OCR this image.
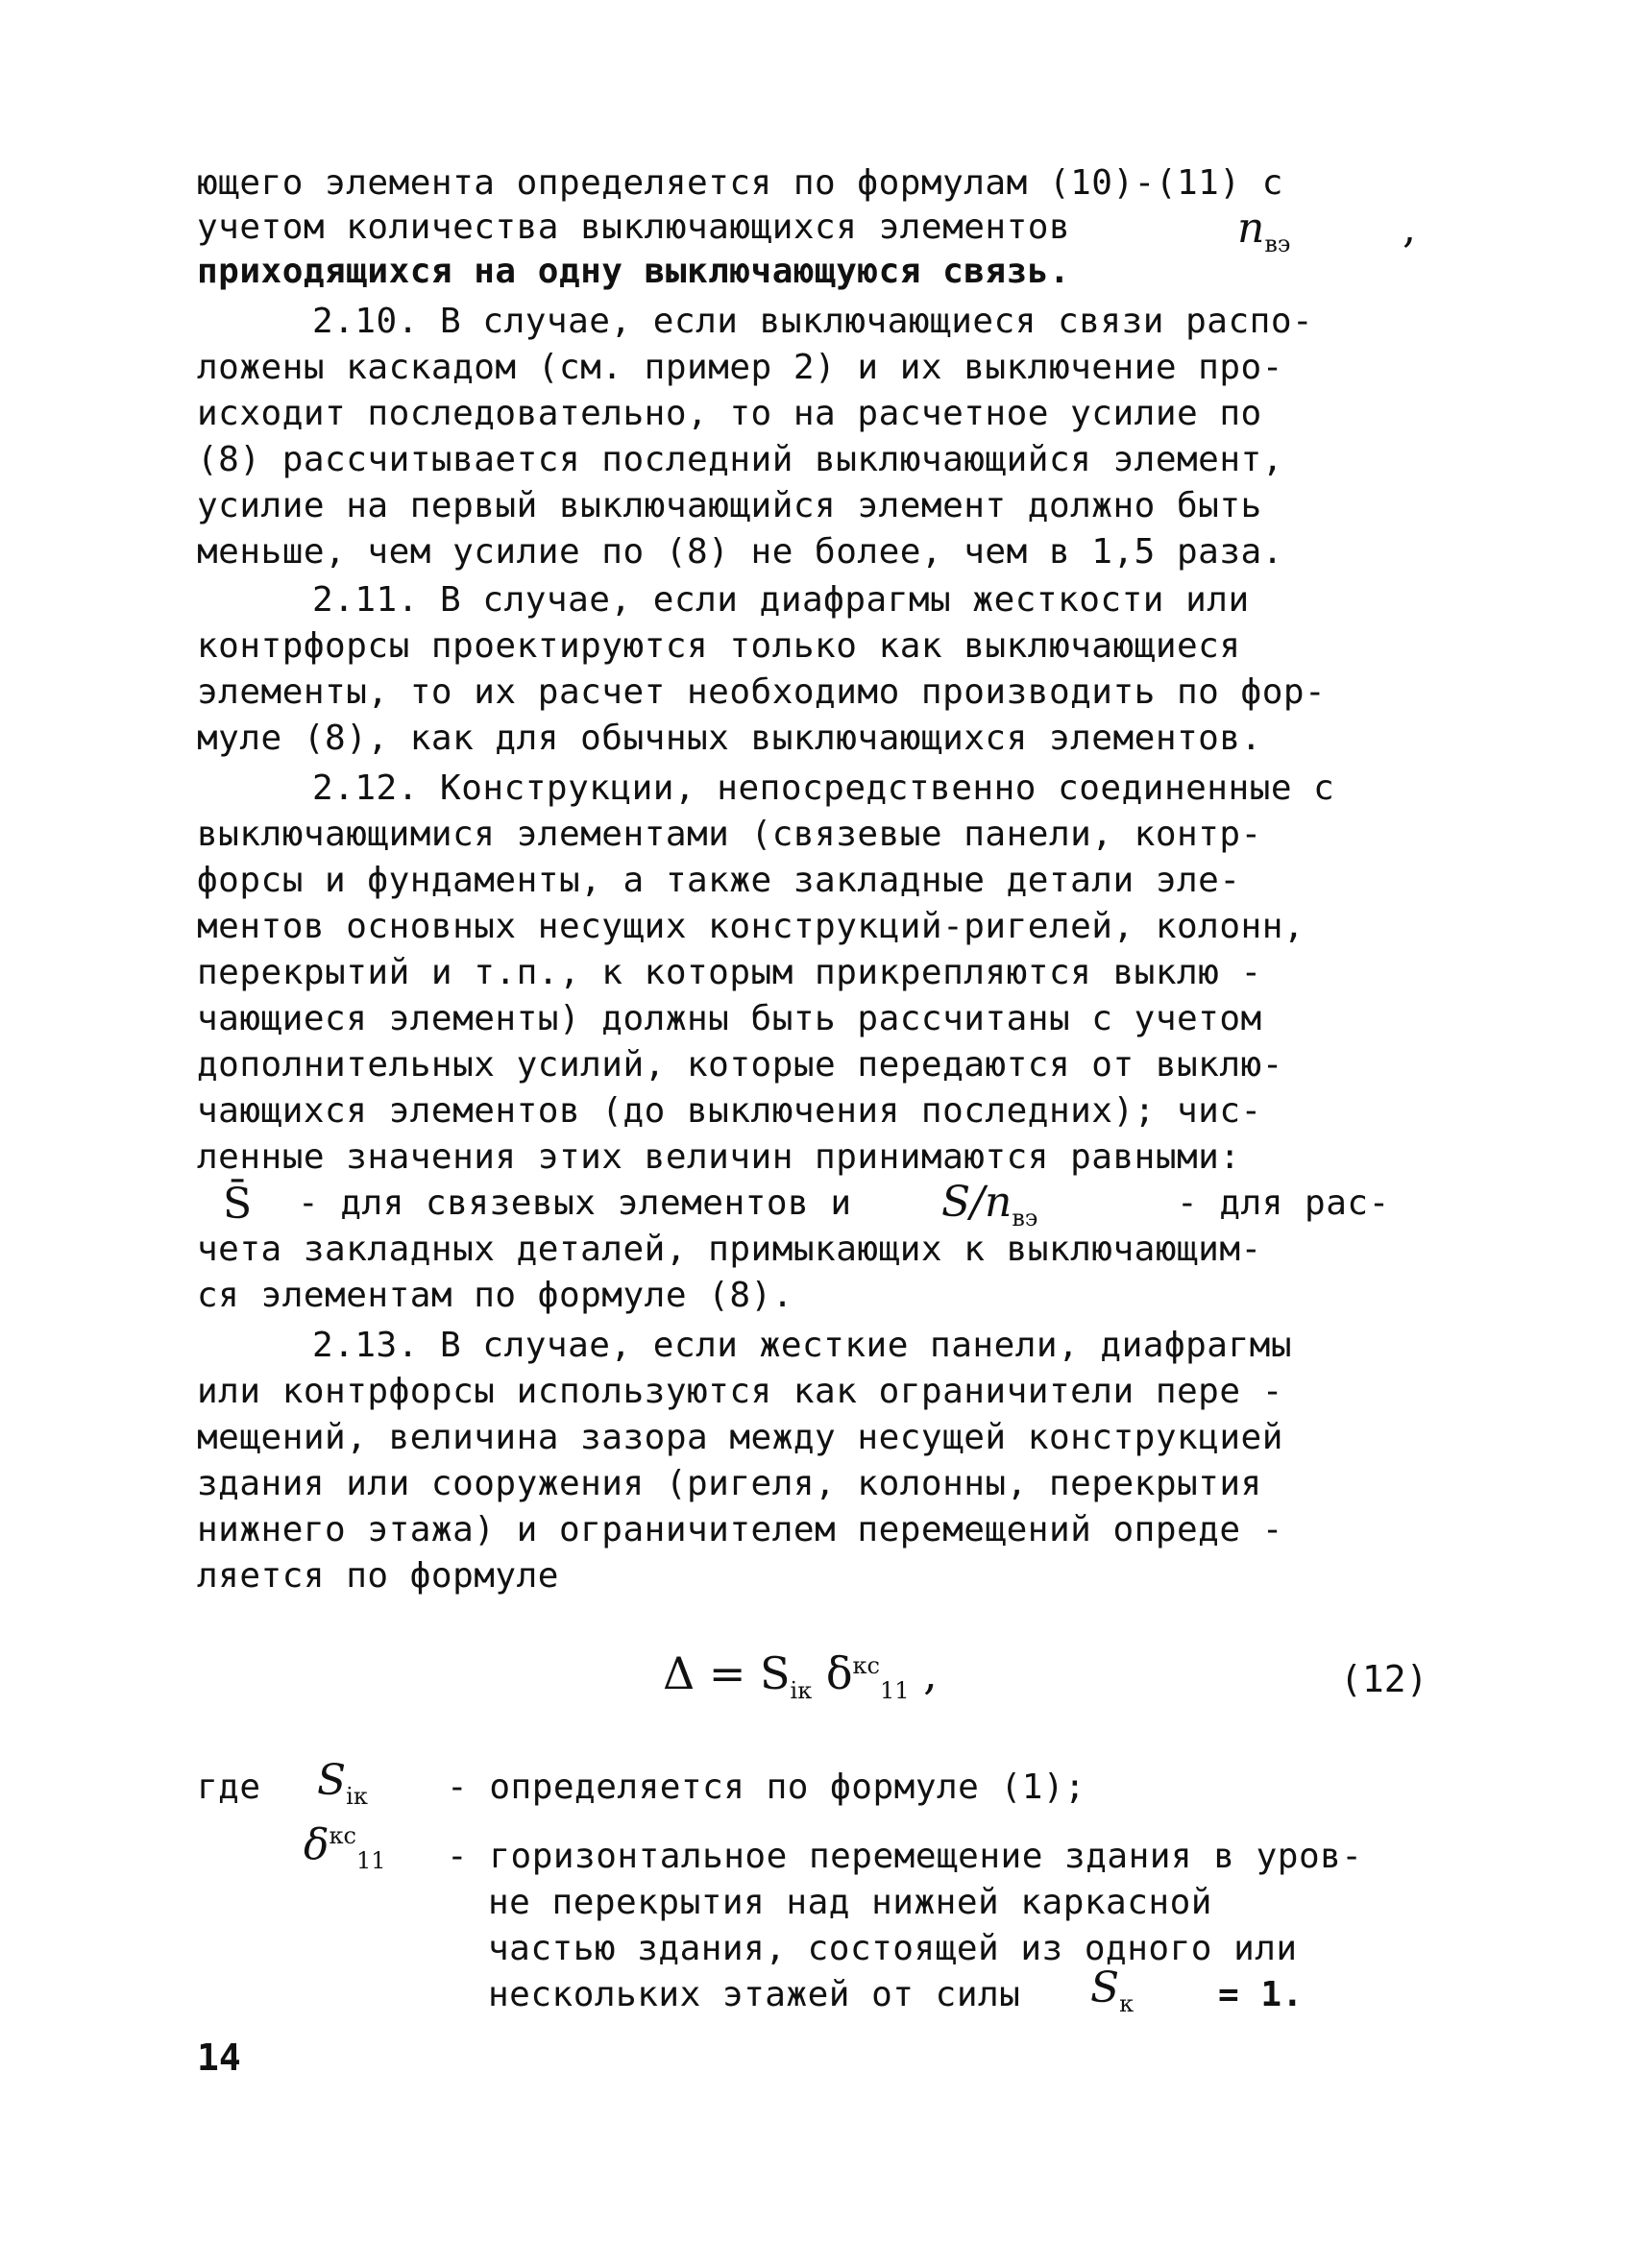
ющего элемента определяется по формулам (10)-(11) с
учетом количества выключающихся элементов	$n_{вэ}$	,
приходящихся на одну выключающуюся связь.
2.10. В случае, если выключающиеся связи распо-
ложены каскадом (см. пример 2) и их выключение про-
исходит последовательно, то на расчетное усилие по
(8) рассчитывается последний выключающийся элемент,
усилие на первый выключающийся элемент должно быть
меньше, чем усилие по (8) не более, чем в 1,5 раза.
2.11. В случае, если диафрагмы жесткости или
контрфорсы проектируются только как выключающиеся
элементы, то их расчет необходимо производить по фор-
муле (8), как для обычных выключающихся элементов.
2.12. Конструкции, непосредственно соединенные с
выключающимися элементами (связевые панели, контр-
форсы и фундаменты, а также закладные детали эле-
ментов основных несущих конструкций-ригелей, колонн,
перекрытий и т.п., к которым прикрепляются выклю -
чающиеся элементы) должны быть рассчитаны с учетом
дополнительных усилий, которые передаются от выклю-
чающихся элементов (до выключения последних); чис-
ленные значения этих величин принимаются равными:
S̄ - для связевых элементов и	$S/n_{вэ}$	- для рас-
чета закладных деталей, примыкающих к выключающим-
ся элементам по формуле (8).
2.13. В случае, если жесткие панели, диафрагмы
или контрфорсы используются как ограничители пере -
мещений, величина зазора между несущей конструкцией
здания или сооружения (ригеля, колонны, перекрытия
нижнего этажа) и ограничителем перемещений опреде -
ляется по формуле
$\Delta = S_{iк}$ $\delta^{кс}_{11}$ ,	(12)
где	$S_{iк}$ - определяется по формуле (1);
$\delta^{кс}_{11}$ - горизонтальное перемещение здания в уров-
не перекрытия над нижней каркасной
частью здания, состоящей из одного или
нескольких этажей от силы	$S_к = 1$.
14
